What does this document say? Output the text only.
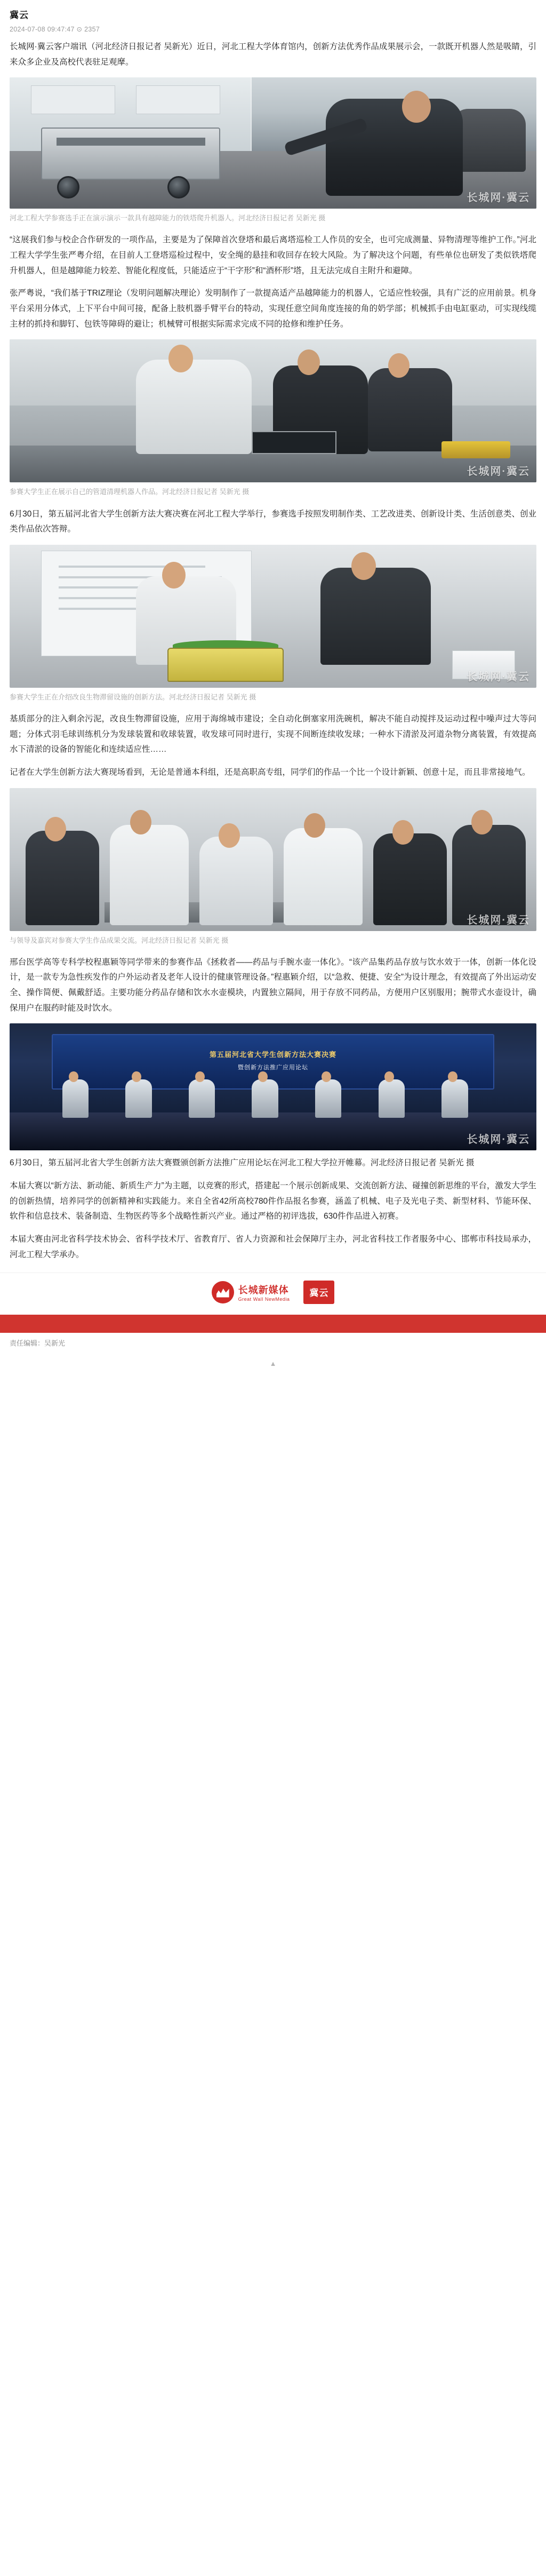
冀云
2024-07-08 09:47:47 ⊙ 2357

长城网·冀云客户端讯（河北经济日报记者 吴新光）近日，河北工程大学体育馆内，创新方法优秀作品成果展示会，一款既开机器人然是吸睛，引来众多企业及高校代表驻足观摩。

长城网·冀云
河北工程大学参赛选手正在演示演示一款具有越障能力的铁塔爬升机器人。河北经济日报记者 吴新光 摄

“这展我们参与校企合作研发的一项作品，主要是为了保障首次登塔和最后离塔巡检工人作员的安全，也可完成测量、异物清理等维护工作。”河北工程大学学生张严粤介绍，在目前人工登塔巡检过程中，安全绳的悬挂和收回存在较大风险。为了解决这个问题，有些单位也研发了类似铁塔爬升机器人，但是越障能力较差、智能化程度低，只能适应于“干字形”和“酒杯形”塔，且无法完成自主附升和避障。

张严粤说，“我们基于TRIZ理论（发明问题解决理论）发明制作了一款提高适产品越障能力的机器人，它适应性较强，具有广泛的应用前景。机身平台采用分体式，上下平台中间可接，配备上肢机器手臂平台的特动，实现任意空间角度连接的角的奶学部；机械抓手由电缸驱动，可实现线缆主材的抓持和脚钉、包铁等障碍的避让；机械臂可根据实际需求完成不同的抢修和维护任务。

长城网·冀云
参赛大学生正在展示自己的管道清理机器人作品。河北经济日报记者 吴新光 摄

6月30日，第五届河北省大学生创新方法大赛决赛在河北工程大学举行，参赛选手按照发明制作类、工艺改进类、创新设计类、生活创意类、创业类作品依次答辩。

长城网·冀云
参赛大学生正在介绍改良生物滞留设施的创新方法。河北经济日报记者 吴新光 摄

基质部分的注入剩余污泥，改良生物滞留设施，应用于海绵城市建设；全自动化倒塞家用洗碗机，解决不能自动搅拌及运动过程中噪声过大等问题；分体式羽毛球训练机分为发球装置和收球装置，收发球可同时进行，实现不间断连续收发球；一种水下清淤及河道杂物分离装置，有效提高水下清淤的设备的智能化和连续适应性……

记者在大学生创新方法大赛现场看到，无论是普通本科组，还是高职高专组，同学们的作品一个比一个设计新颖、创意十足，而且非常接地气。

长城网·冀云
与领导及嘉宾对参赛大学生作品成果交流。河北经济日报记者 吴新光 摄

邢台医学高等专科学校程惠颖等同学带来的参赛作品《拯救者——药品与手腕水壶一体化》。“该产品集药品存放与饮水效于一体，创新一体化设计，是一款专为急性疾发作的户外运动者及老年人设计的健康管理设备。”程惠颖介绍，以“急救、便捷、安全”为设计理念，有效提高了外出运动安全、操作简便、佩戴舒适。主要功能分药品存储和饮水水壶模块，内置独立隔间，用于存放不同药品，方便用户区别服用；腕带式水壶设计，确保用户在服药时能及时饮水。

第五届河北省大学生创新方法大赛决赛
暨创新方法推广应用论坛
长城网·冀云

6月30日，第五届河北省大学生创新方法大赛暨颁创新方法推广应用论坛在河北工程大学拉开帷幕。河北经济日报记者 吴新光 摄

本届大赛以“新方法、新动能、新质生产力”为主题，以竞赛的形式，搭建起一个展示创新成果、交流创新方法、碰撞创新思维的平台，激发大学生的创新热情，培养同学的创新精神和实践能力。来自全省42所高校780件作品报名参赛，涵盖了机械、电子及光电子类、新型材料、节能环保、软件和信息技术、装备制造、生物医药等多个战略性新兴产业。通过严格的初评选拔，630件作品进入初赛。

本届大赛由河北省科学技术协会、省科学技术厅、省教育厅、省人力资源和社会保障厅主办，河北省科技工作者服务中心、邯郸市科技局承办，河北工程大学承办。

长城新媒体
Great Wall NewMedia
冀云
责任编辑：吴新光
▲
